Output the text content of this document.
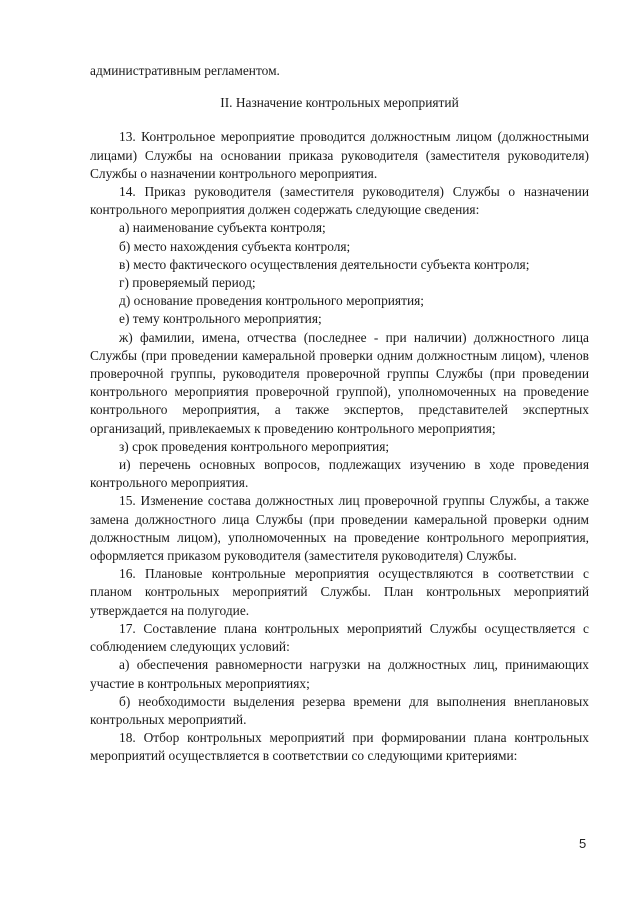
административным регламентом.

II. Назначение контрольных мероприятий

13. Контрольное мероприятие проводится должностным лицом (должностными лицами) Службы на основании приказа руководителя (заместителя руководителя) Службы о назначении контрольного мероприятия.

14. Приказ руководителя (заместителя руководителя) Службы о назначении контрольного мероприятия должен содержать следующие сведения:

а) наименование субъекта контроля;

б) место нахождения субъекта контроля;

в) место фактического осуществления деятельности субъекта контроля;

г) проверяемый период;

д) основание проведения контрольного мероприятия;

е) тему контрольного мероприятия;

ж) фамилии, имена, отчества (последнее - при наличии) должностного лица Службы (при проведении камеральной проверки одним должностным лицом), членов проверочной группы, руководителя проверочной группы Службы (при проведении контрольного мероприятия проверочной группой), уполномоченных на проведение контрольного мероприятия, а также экспертов, представителей экспертных организаций, привлекаемых к проведению контрольного мероприятия;

з) срок проведения контрольного мероприятия;

и) перечень основных вопросов, подлежащих изучению в ходе проведения контрольного мероприятия.

15. Изменение состава должностных лиц проверочной группы Службы, а также замена должностного лица Службы (при проведении камеральной проверки одним должностным лицом), уполномоченных на проведение контрольного мероприятия, оформляется приказом руководителя (заместителя руководителя) Службы.

16. Плановые контрольные мероприятия осуществляются в соответствии с планом контрольных мероприятий Службы. План контрольных мероприятий утверждается на полугодие.

17. Составление плана контрольных мероприятий Службы осуществляется с соблюдением следующих условий:

а) обеспечения равномерности нагрузки на должностных лиц, принимающих участие в контрольных мероприятиях;

б) необходимости выделения резерва времени для выполнения внеплановых контрольных мероприятий.

18. Отбор контрольных мероприятий при формировании плана контрольных мероприятий осуществляется в соответствии со следующими критериями:

5
